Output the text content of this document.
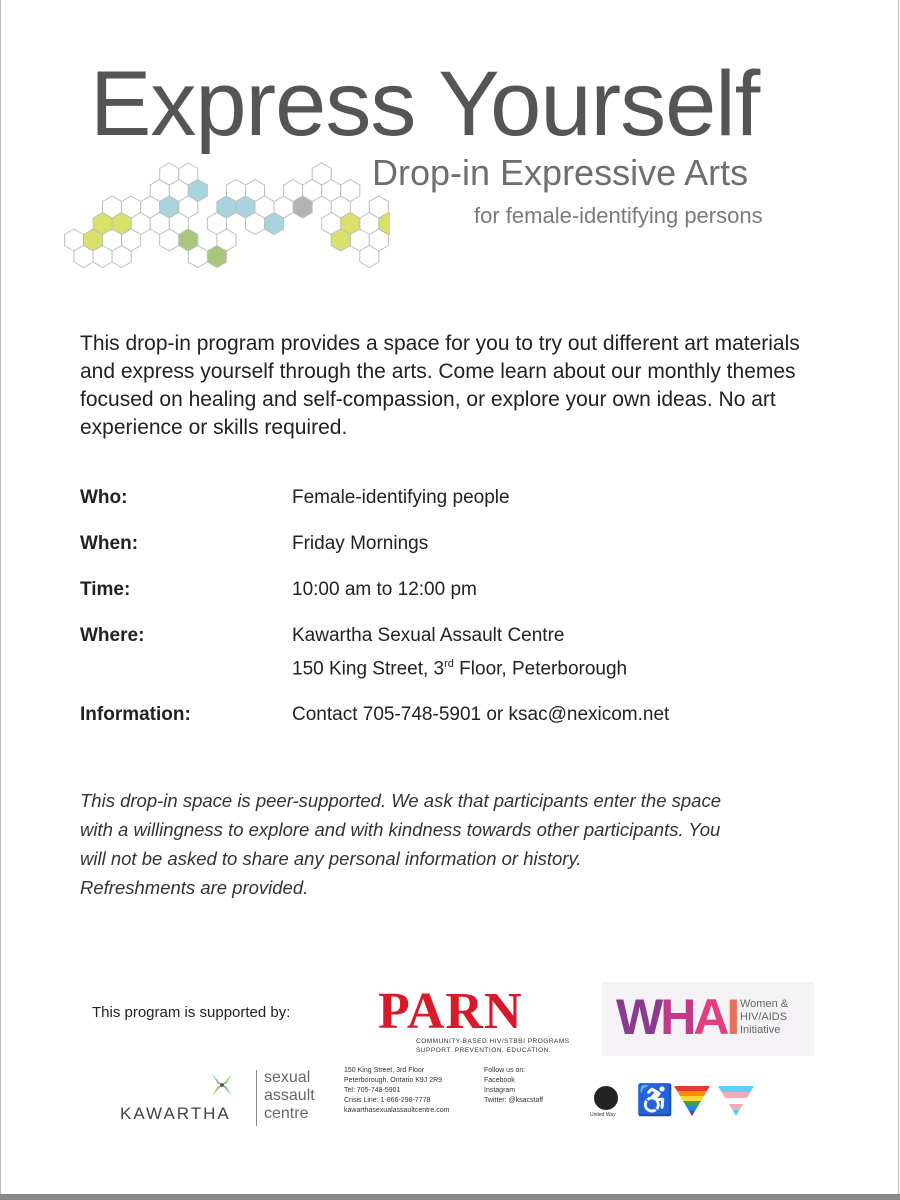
Express Yourself
Drop-in Expressive Arts
for female-identifying persons

This drop-in program provides a space for you to try out different art materials and express yourself through the arts. Come learn about our monthly themes focused on healing and self-compassion, or explore your own ideas. No art experience or skills required.

Who:	Female-identifying people
When:	Friday Mornings
Time:	10:00 am to 12:00 pm
Where:	Kawartha Sexual Assault Centre
150 King Street, 3rd Floor, Peterborough
Information:	Contact 705-748-5901 or ksac@nexicom.net
This drop-in space is peer-supported. We ask that participants enter the space
with a willingness to explore and with kindness towards other participants. You
will not be asked to share any personal information or history.
Refreshments are provided.
This program is supported by: PARN
COMMUNITY-BASED HIV/STBBI PROGRAMS
SUPPORT. PREVENTION. EDUCATION.
WHAI Women &
HIV/AIDS
Initiative
KAWARTHA
sexual
assault
centre
150 King Street, 3rd Floor
Peterborough, Ontario K9J 2R9
Tel: 705-748-5901
Crisis Line: 1-866-298-7778
kawarthasexualassaultcentre.com
Follow us on:
Facebook
Instagram
Twitter: @ksacstaff
United Way ♿
